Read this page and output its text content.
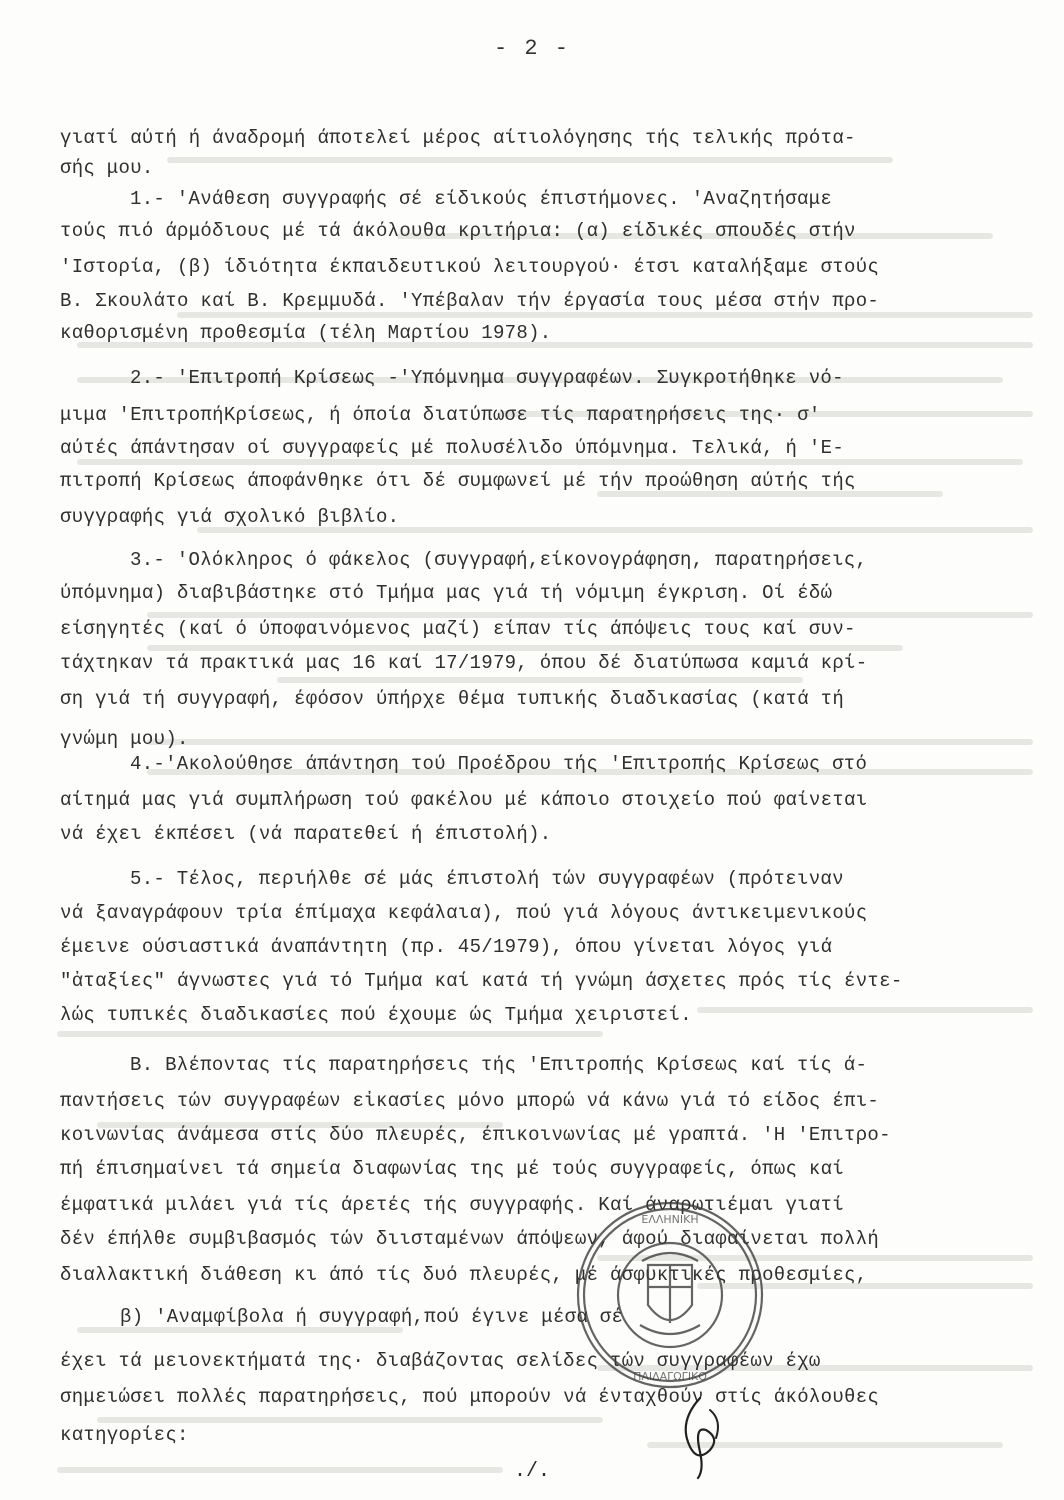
- 2 -
γιατί αύτή ή άναδρομή άποτελεί μέρος αίτιολόγησης τής τελικής πρότα-
σής μου.
1.- 'Ανάθεση συγγραφής σέ είδικούς έπιστήμονες. 'Αναζητήσαμε
τούς πιό άρμόδιους μέ τά άκόλουθα κριτήρια: (α) είδικές σπουδές στήν
'Ιστορία, (β) ίδιότητα έκπαιδευτικού λειτουργού· έτσι καταλήξαμε στούς
Β. Σκουλάτο καί Β. Κρεμμυδά. 'Υπέβαλαν τήν έργασία τους μέσα στήν προ-
καθορισμένη προθεσμία (τέλη Μαρτίου 1978).
2.- 'Επιτροπή Κρίσεως -'Υπόμνημα συγγραφέων. Συγκροτήθηκε νό-
μιμα 'ΕπιτροπήΚρίσεως, ή όποία διατύπωσε τίς παρατηρήσεις της· σ'
αύτές άπάντησαν οί συγγραφείς μέ πολυσέλιδο ύπόμνημα. Τελικά, ή 'Ε-
πιτροπή Κρίσεως άποφάνθηκε ότι δέ συμφωνεί μέ τήν προώθηση αύτής τής
συγγραφής γιά σχολικό βιβλίο.
3.- 'Ολόκληρος ό φάκελος (συγγραφή,είκονογράφηση, παρατηρήσεις,
ύπόμνημα) διαβιβάστηκε στό Τμήμα μας γιά τή νόμιμη έγκριση. Οί έδώ
είσηγητές (καί ό ύποφαινόμενος μαζί) είπαν τίς άπόψεις τους καί συν-
τάχτηκαν τά πρακτικά μας 16 καί 17/1979, όπου δέ διατύπωσα καμιά κρί-
ση γιά τή συγγραφή, έφόσον ύπήρχε θέμα τυπικής διαδικασίας (κατά τή
γνώμη μου).
4.-'Ακολούθησε άπάντηση τού Προέδρου τής 'Επιτροπής Κρίσεως στό
αίτημά μας γιά συμπλήρωση τού φακέλου μέ κάποιο στοιχείο πού φαίνεται
νά έχει έκπέσει (νά παρατεθεί ή έπιστολή).
5.- Τέλος, περιήλθε σέ μάς έπιστολή τών συγγραφέων (πρότειναν
νά ξαναγράφουν τρία έπίμαχα κεφάλαια), πού γιά λόγους άντικειμενικούς
έμεινε ούσιαστικά άναπάντητη (πρ. 45/1979), όπου γίνεται λόγος γιά
"ἀταξίες" άγνωστες γιά τό Τμήμα καί κατά τή γνώμη άσχετες πρός τίς έντε-
λώς τυπικές διαδικασίες πού έχουμε ώς Τμήμα χειριστεί.
Β. Βλέποντας τίς παρατηρήσεις τής 'Επιτροπής Κρίσεως καί τίς ά-
παντήσεις τών συγγραφέων εἰκασίες μόνο μπορώ νά κάνω γιά τό είδος έπι-
κοινωνίας άνάμεσα στίς δύο πλευρές, έπικοινωνίας μέ γραπτά. 'Η 'Επιτρο-
πή έπισημαίνει τά σημεία διαφωνίας της μέ τούς συγγραφείς, όπως καί
έμφατικά μιλάει γιά τίς άρετές τής συγγραφής. Καί άναρωτιέμαι γιατί
δέν έπήλθε συμβιβασμός τών διισταμένων άπόψεων, άφού διαφαίνεται πολλή
διαλλακτική διάθεση κι άπό τίς δυό πλευρές, μέ άσφυκτικές προθεσμίες,
β) 'Αναμφίβολα ή συγγραφή,πού έγινε μέσα σέ
έχει τά μειονεκτήματά της· διαβάζοντας σελίδες τών συγγραφέων έχω
σημειώσει πολλές παρατηρήσεις, πού μπορούν νά ένταχθούν στίς άκόλουθες
κατηγορίες:
ΕΛΛΗΝΙΚΗ
ΠΑΙΔΑΓΩΓΙΚΟ
./.
